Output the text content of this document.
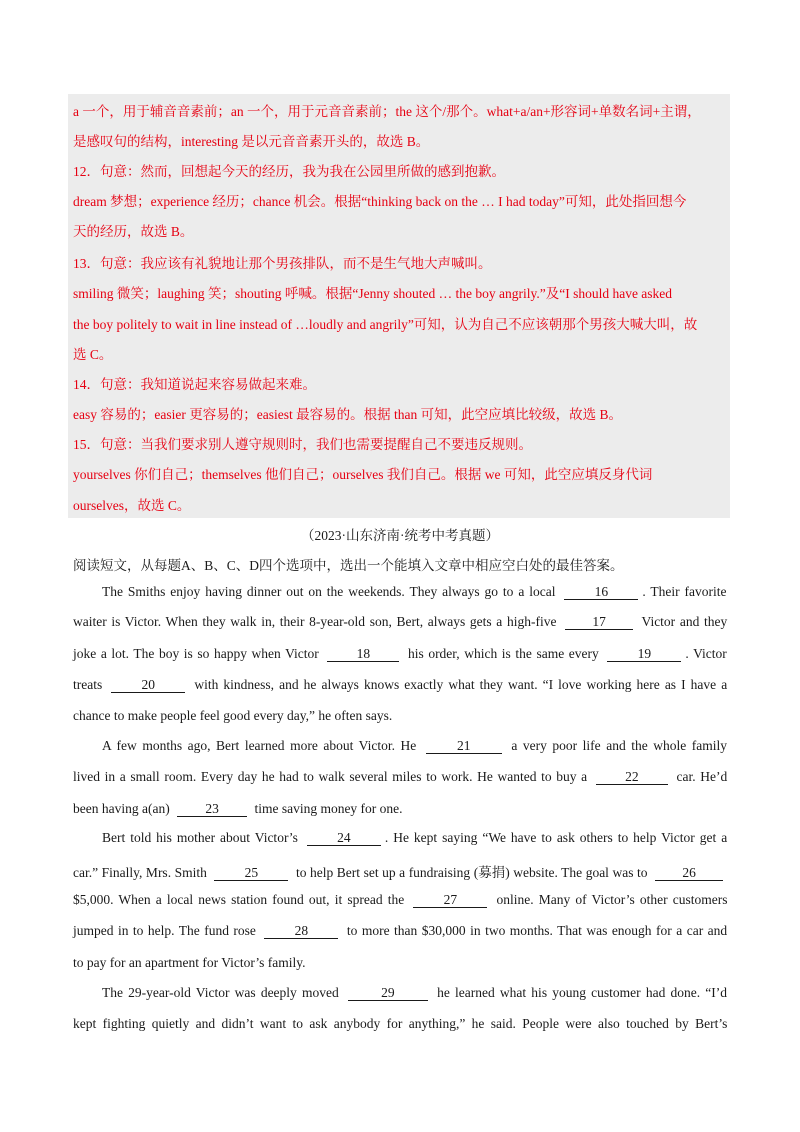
a 一个，用于辅音音素前；an 一个，用于元音音素前；the 这个/那个。what+a/an+形容词+单数名词+主谓，
是感叹句的结构，interesting 是以元音音素开头的，故选 B。
12．句意：然而，回想起今天的经历，我为我在公园里所做的感到抱歉。
dream 梦想；experience 经历；chance 机会。根据“thinking back on the … I had today”可知，此处指回想今
天的经历，故选 B。
13．句意：我应该有礼貌地让那个男孩排队，而不是生气地大声喊叫。
smiling 微笑；laughing 笑；shouting 呼喊。根据“Jenny shouted … the boy angrily.”及“I should have asked
the boy politely to wait in line instead of …loudly and angrily”可知，认为自己不应该朝那个男孩大喊大叫，故
选 C。
14．句意：我知道说起来容易做起来难。
easy 容易的；easier 更容易的；easiest 最容易的。根据 than 可知，此空应填比较级，故选 B。
15．句意：当我们要求别人遵守规则时，我们也需要提醒自己不要违反规则。
yourselves 你们自己；themselves 他们自己；ourselves 我们自己。根据 we 可知，此空应填反身代词
ourselves，故选 C。
（2023·山东济南·统考中考真题）
阅读短文，从每题A、B、C、D四个选项中，选出一个能填入文章中相应空白处的最佳答案。
The Smiths enjoy having dinner out on the weekends. They always go to a local	16	. Their favorite
waiter is Victor. When they walk in, their 8-year-old son, Bert, always gets a high-five 17 Victor and they
joke a lot. The boy is so happy when Victor 18 his order, which is the same every	19	. Victor
treats	20	with kindness, and he always knows exactly what they want. “I love working here as I have a
chance to make people feel good every day,” he often says.
A few months ago, Bert learned more about Victor. He	21	a very poor life and the whole family
lived in a small room. Every day he had to walk several miles to work. He wanted to buy a 22 car. He’d
been having a(an) 23 time saving money for one.
Bert told his mother about Victor’s	24	. He kept saying “We have to ask others to help Victor get a
car.” Finally, Mrs. Smith	25	to help Bert set up a fundraising (募捐) website. The goal was to 26
$5,000. When a local news station found out, it spread the	27	online. Many of Victor’s other customers
jumped in to help. The fund rose	28	to more than $30,000 in two months. That was enough for a car and
to pay for an apartment for Victor’s family.
The 29-year-old Victor was deeply moved	29	he learned what his young customer had done. “I’d
kept fighting quietly and didn’t want to ask anybody for anything,” he said. People were also touched by Bert’s
